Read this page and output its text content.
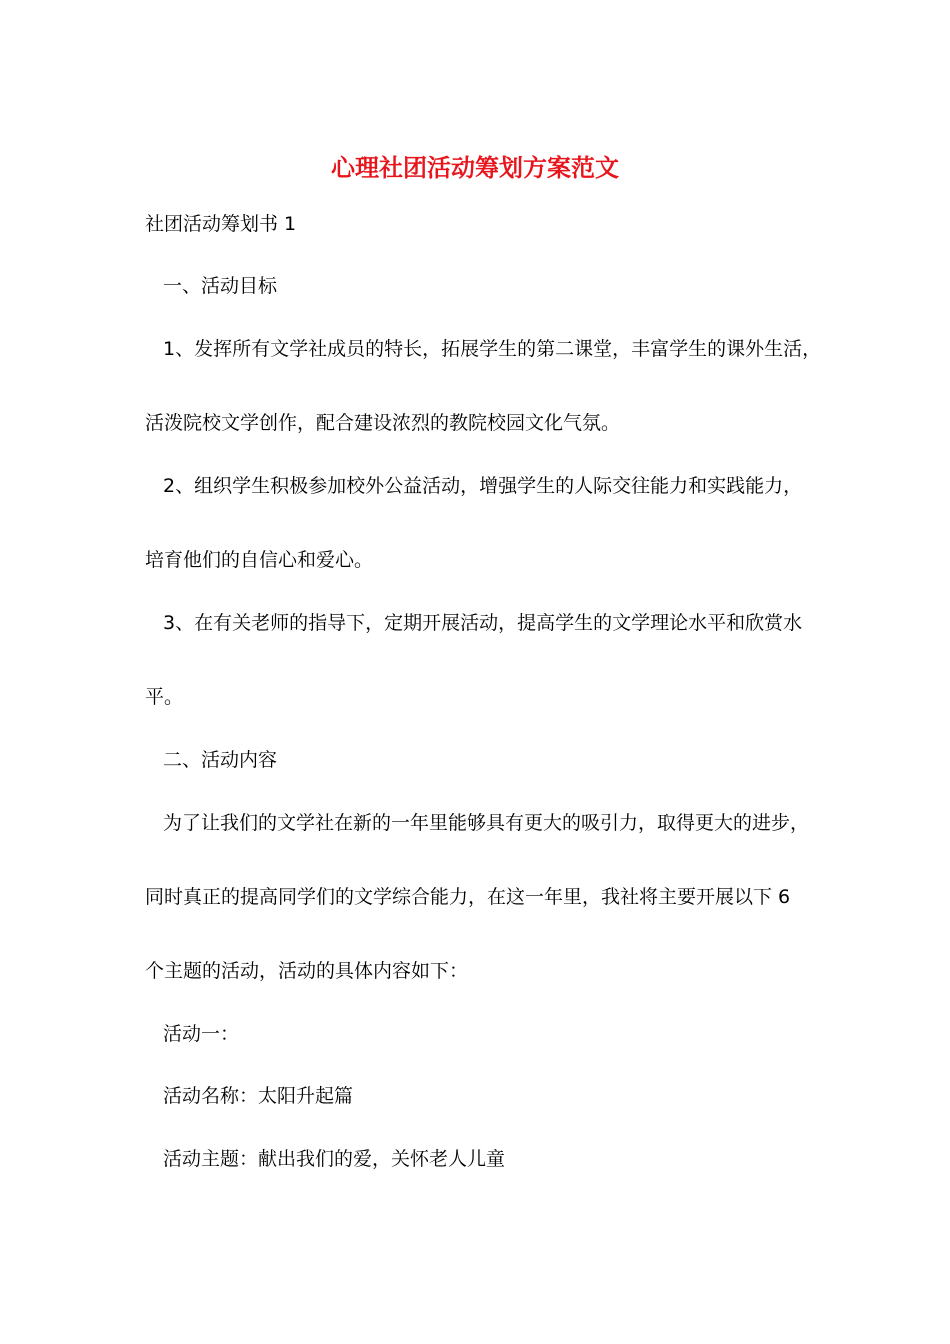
心理社团活动筹划方案范文

社团活动筹划书 1

一、活动目标

1、发挥所有文学社成员的特长，拓展学生的第二课堂，丰富学生的课外生活，

活泼院校文学创作，配合建设浓烈的教院校园文化气氛。

2、组织学生积极参加校外公益活动，增强学生的人际交往能力和实践能力，

培育他们的自信心和爱心。

3、在有关老师的指导下，定期开展活动，提高学生的文学理论水平和欣赏水

平。

二、活动内容

为了让我们的文学社在新的一年里能够具有更大的吸引力，取得更大的进步，

同时真正的提高同学们的文学综合能力，在这一年里，我社将主要开展以下 6

个主题的活动，活动的具体内容如下：

活动一：

活动名称：太阳升起篇

活动主题：献出我们的爱，关怀老人儿童
